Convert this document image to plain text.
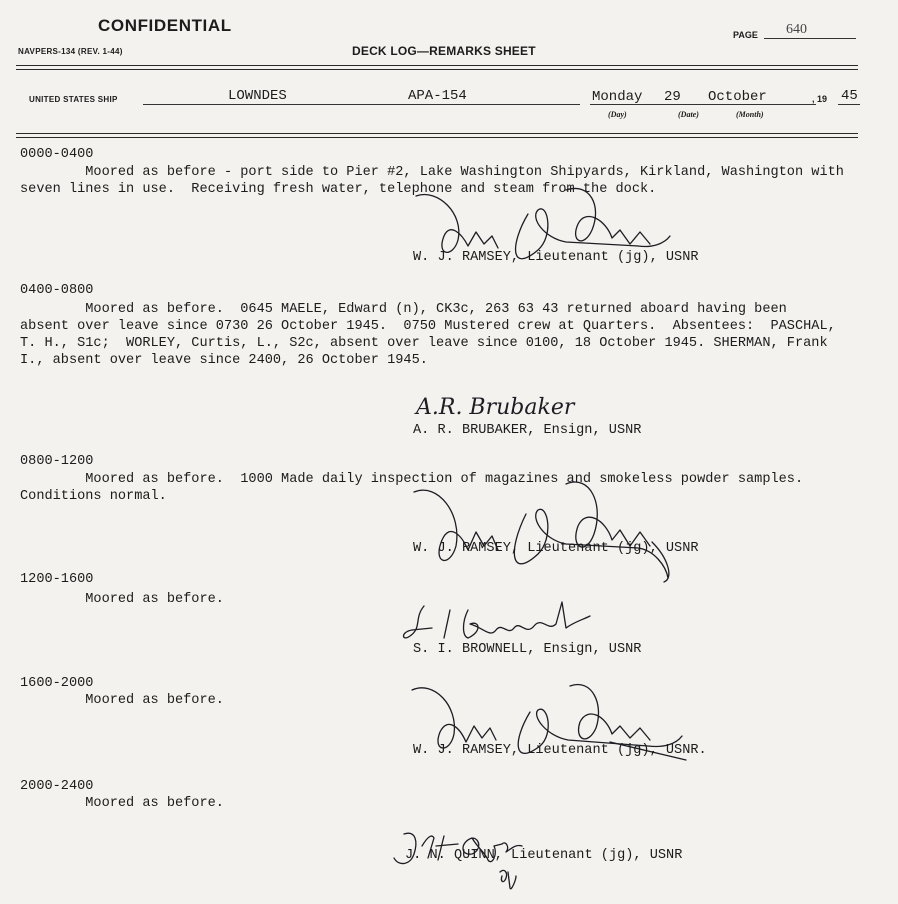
CONFIDENTIAL
NAVPERS-134 (REV. 1-44)	DECK LOG—REMARKS SHEET
PAGE 640
UNITED STATES SHIP	LOWNDES	APA-154	Monday 29 October	, 19 45
(Day)	(Date)	(Month)
0000-0400
Moored as before - port side to Pier #2, Lake Washington Shipyards, Kirkland, Washington with
seven lines in use.  Receiving fresh water, telephone and steam from the dock.
W. J. RAMSEY, Lieutenant (jg), USNR
0400-0800
Moored as before.  0645 MAELE, Edward (n), CK3c, 263 63 43 returned aboard having been
absent over leave since 0730 26 October 1945.  0750 Mustered crew at Quarters.  Absentees:  PASCHAL,
T. H., S1c;  WORLEY, Curtis, L., S2c, absent over leave since 0100, 18 October 1945. SHERMAN, Frank
I., absent over leave since 2400, 26 October 1945.
A.R. Brubaker
A. R. BRUBAKER, Ensign, USNR
0800-1200
Moored as before.  1000 Made daily inspection of magazines and smokeless powder samples.
Conditions normal.
W. J. RAMSEY, Lieutenant (jg), USNR
1200-1600
Moored as before.
S. I. BROWNELL, Ensign, USNR
1600-2000
Moored as before.
W. J. RAMSEY, Lieutenant (jg), USNR.
2000-2400
Moored as before.
J. N. QUINN, Lieutenant (jg), USNR
